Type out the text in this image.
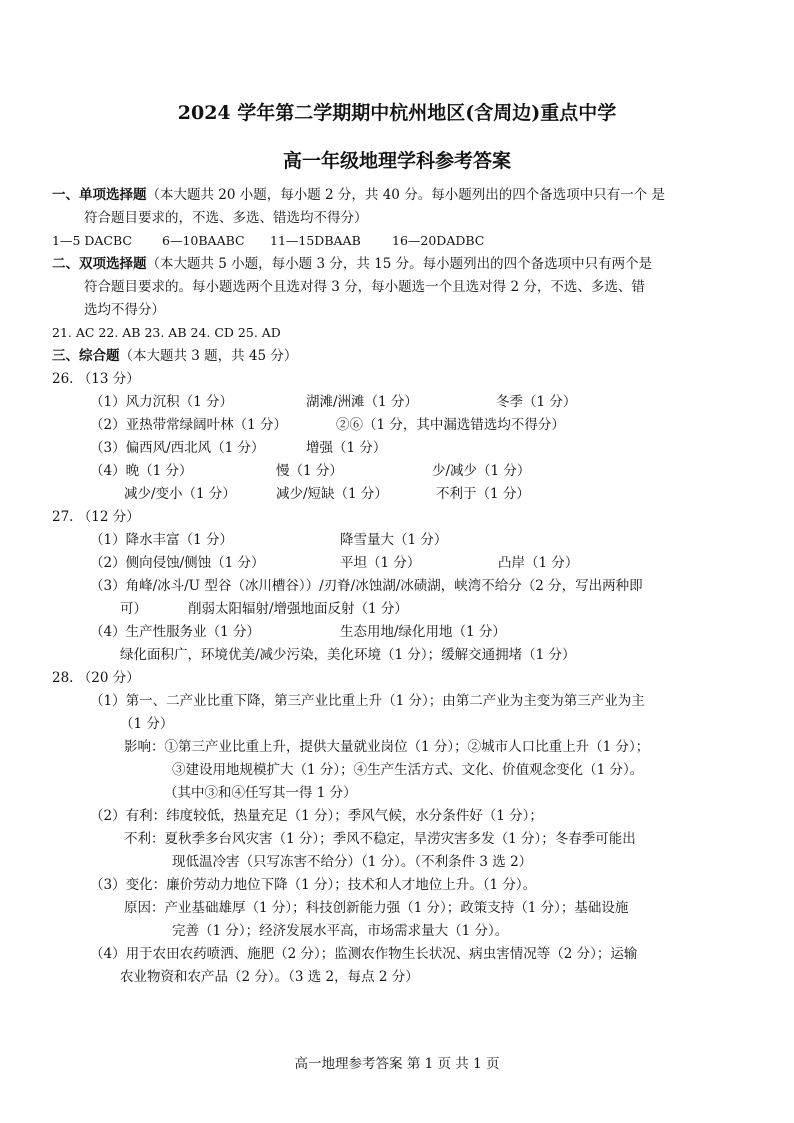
2024 学年第二学期期中杭州地区(含周边)重点中学
高一年级地理学科参考答案
一、单项选择题（本大题共 20 小题，每小题 2 分，共 40 分。每小题列出的四个备选项中只有一个 是
符合题目要求的，不选、多选、错选均不得分）
1—5 DACBC 6—10BAABC 11—15DBAAB 16—20DADBC
二、双项选择题（本大题共 5 小题，每小题 3 分，共 15 分。每小题列出的四个备选项中只有两个是
符合题目要求的。每小题选两个且选对得 3 分，每小题选一个且选对得 2 分，不选、多选、错
选均不得分）
21. AC 22. AB 23. AB 24. CD 25. AD
三、综合题（本大题共 3 题，共 45 分）
26. （13 分）
（1）风力沉积（1 分）	湖滩/洲滩（1 分）	冬季（1 分）
（2）亚热带常绿阔叶林（1 分）	②⑥（1 分，其中漏选错选均不得分）
（3）偏西风/西北风（1 分）	增强（1 分）
（4）晚（1 分）	慢（1 分）	少/减少（1 分）
减少/变小（1 分）	减少/短缺（1 分）	不利于（1 分）
27. （12 分）
（1）降水丰富（1 分）	降雪量大（1 分）
（2）侧向侵蚀/侧蚀（1 分）	平坦（1 分）	凸岸（1 分）
（3）角峰/冰斗/U 型谷（冰川槽谷））/刃脊/冰蚀湖/冰碛湖，峡湾不给分（2 分，写出两种即
可）	削弱太阳辐射/增强地面反射（1 分）
（4）生产性服务业（1 分）	生态用地/绿化用地（1 分）
绿化面积广，环境优美/减少污染，美化环境（1 分）；缓解交通拥堵（1 分）
28. （20 分）
（1）第一、二产业比重下降，第三产业比重上升（1 分）；由第二产业为主变为第三产业为主
（1 分）
影响：①第三产业比重上升，提供大量就业岗位（1 分）；②城市人口比重上升（1 分）；
③建设用地规模扩大（1 分）；④生产生活方式、文化、价值观念变化（1 分）。
（其中③和④任写其一得 1 分）
（2）有利：纬度较低，热量充足（1 分）；季风气候，水分条件好（1 分）；
不利：夏秋季多台风灾害（1 分）；季风不稳定，旱涝灾害多发（1 分）；冬春季可能出
现低温冷害（只写冻害不给分）（1 分）。（不利条件 3 选 2）
（3）变化：廉价劳动力地位下降（1 分）；技术和人才地位上升。（1 分）。
原因：产业基础雄厚（1 分）；科技创新能力强（1 分）；政策支持（1 分）；基础设施
完善（1 分）；经济发展水平高，市场需求量大（1 分）。
（4）用于农田农药喷洒、施肥（2 分）；监测农作物生长状况、病虫害情况等（2 分）；运输
农业物资和农产品（2 分）。（3 选 2，每点 2 分）
高一地理参考答案 第 1 页 共 1 页
